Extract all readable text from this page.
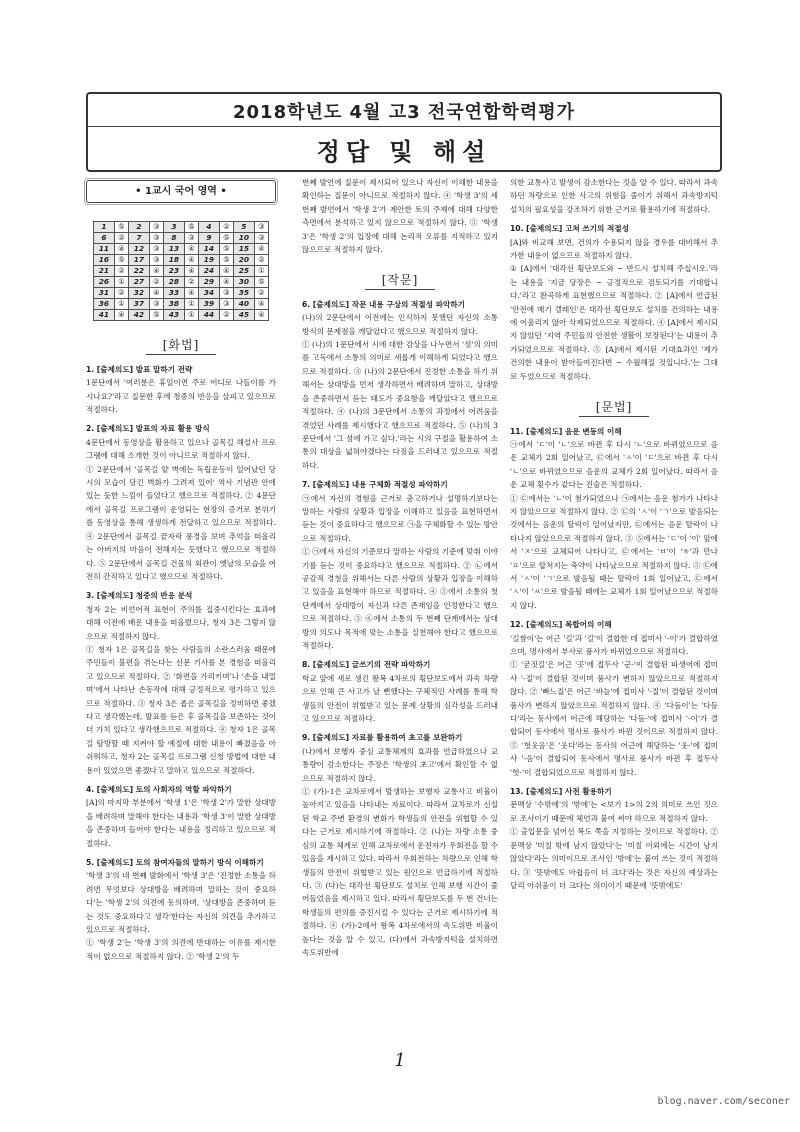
2018학년도 4월 고3 전국연합학력평가
정답 및 해설
• 1교시 국어 영역 •
1	⑤	2	③	3	⑤	4	②	5	③
6	②	7	③	8	③	9	⑤	10	③
11	④	12	③	13	④	14	⑤	15	④
16	⑤	17	③	18	④	19	⑤	20	②
21	②	22	④	23	④	24	④	25	①
26	①	27	②	28	②	29	④	30	⑤
31	②	32	④	33	④	34	③	35	②
36	①	37	③	38	①	39	③	40	④
41	④	42	⑤	43	①	44	②	45	④
[화법]
1. [출제의도] 발표 말하기 전략
1문단에서 '여러분은 휴일이면 주로 어디로 나들이를 가시나요?'라고 질문한 후에 청중의 반응을 살피고 있으므로 적절하다.
2. [출제의도] 발표의 자료 활용 방식
4문단에서 동영상을 활용하고 있으나 골목길 해설사 프로그램에 대해 소개한 것이 아니므로 적절하지 않다.
① 2문단에서 '골목길 얕 벽에는 독립운동이 일어났던 당시의 모습이 담긴 벽화가 그려져 있어' 역사 기념관 안에 있는 듯한 느낌이 들었다고 했으므로 적절하다. ② 4문단에서 골목길 프로그램이 운영되는 현장의 증거로 분위기를 동영상을 통해 생생하게 전달하고 있으므로 적절하다. ④ 2문단에서 골목길 끝자락 풍경을 보며 추억을 떠올리는 아버지의 마음이 전해지는 듯했다고 했으므로 적절하다. ⑤ 2문단에서 골목길 건물의 외관이 옛날의 모습을 여전히 간직하고 있다고 했으므로 적절하다.
3. [출제의도] 청중의 반응 분석
청자 2는 비언어적 표현이 주의를 집중시킨다는 효과에 대해 이전에 배운 내용을 떠올렸으나, 청자 3은 그렇지 않으므로 적절하지 않다.
① 청자 1은 골목길을 찾는 사람들의 소란스러움 때문에 주민들이 불편을 겪는다는 신문 기사를 본 경험을 떠올리고 있으므로 적절하다. ② '화면을 가리키며'나 '손을 내밀며'에서 나타난 손동작에 대해 긍정적으로 평가하고 있으므로 적절하다. ③ 청자 3은 좁은 골목길을 정비하면 좋겠다고 생각했는데, 발표를 듣은 후 골목길을 보존하는 것이 더 가치 있다고 생각했으므로 적절하다. ④ 청자 1은 골목길 탐방할 때 지켜야 할 예절에 대한 내용이 빠졌음을 아쉬워하고, 청자 2는 골목길 프로그램 신청 방법에 대한 내용이 있었으면 좋겠다고 말하고 있으므로 적절하다.
4. [출제의도] 토의 사회자의 역할 파악하기
[A]의 마지막 부분에서 '학생 1'은 '학생 2'가 말한 상대방을 배려하며 말해야 한다는 내용과 '학생 3'이 말한 상대방을 존중하며 들어야 한다는 내용을 정리하고 있으므로 적절하다.
5. [출제의도] 토의 참여자들의 말하기 방식 이해하기
'학생 3'의 네 번째 발화에서 '학생 3'은 '진정한 소통을 하려면 무엇보다 상대방을 배려하며 말하는 것이 중요하다'는 '학생 2'의 의견에 동의하며, '상대방을 존중하며 듣는 것도 중요하다고 생각'한다는 자신의 의견을 추가하고 있으므로 적절하다.
① '학생 2'는 '학생 3'의 의견에 반대하는 이유를 제시한 적이 없으므로 적절하지 않다. ② '학생 2'의 두
번째 발언에 질문이 제시되어 있으나 자신이 이해한 내용을 확인하는 질문이 아니므로 적절하지 않다. ④ '학생 3'의 세 번째 발언에서 '학생 2'가 제안한 토의 주제에 대해 다양한 측면에서 분석하고 있지 않으므로 적절하지 않다. ⑤ '학생 3'은 '학생 2'의 입장에 대해 논리적 오류를 지적하고 있지 않으므로 적절하지 않다.
[작문]
6. [출제의도] 작문 내용 구상의 적절성 파악하기
(나)의 2문단에서 이전에는 인식하지 못했던 자신의 소통 방식의 문제점을 깨달았다고 했으므로 적절하지 않다.
① (나)의 1문단에서 시에 대한 감상을 나누면서 '섬'의 의미를 고독에서 소통의 의미로 새롭게 이해하게 되었다고 했으므로 적절하다. ③ (나)의 2문단에서 진정한 소통을 하기 위해서는 상대방을 먼저 생각하면서 배려하며 말하고, 상대방을 존중하면서 듣는 태도가 중요함을 깨달았다고 했으므로 적절하다. ④ (나)의 3문단에서 소통의 과정에서 어려움을 겪었던 사례를 제시했다고 했으므로 적절하다. ⑤ (나)의 3문단에서 '그 섬에 가고 싶다.'라는 시의 구절을 활용하여 소통의 대상을 넓혀야겠다는 다짐을 드러내고 있으므로 적절하다.
7. [출제의도] 내용 구체화 적절성 파악하기
㉠에서 자신의 경험을 근거로 충고하거나 설명하기보다는 말하는 사람의 상황과 입장을 이해하고 있음을 표현하면서 듣는 것이 중요하다고 했으므로 ㉠을 구체화할 수 있는 방안으로 적절하다.
① ㉠에서 자신의 기준보다 말하는 사람의 기준에 맞춰 이야기를 듣는 것이 중요하다고 했으므로 적절하다. ② ㉡에서 공감적 경청을 위해서는 다른 사람의 상황과 입장을 이해하고 있음을 표현해야 하므로 적절하다. ④ ⑤에서 소통의 첫 단계에서 상대방이 자신과 다른 존재임을 인정한다고 했으므로 적절하다. ⑤ ⑥에서 소통의 두 번째 단계에서는 상대방의 의도나 목적에 맞는 소통을 실천해야 한다고 했으므로 적절하다.
8. [출제의도] 글쓰기의 전략 파악하기
학교 앞에 새로 생긴 왕복 4차로의 횡단보도에서 과속 차량으로 인해 큰 사고가 날 뻔했다는 구체적인 사례를 통해 학생들의 안전이 위협받고 있는 문제 상황의 심각성을 드러내고 있으므로 적절하다.
9. [출제의도] 자료를 활용하여 초고를 보완하기
(나)에서 보행자 중심 교통체계의 효과를 언급하였으나 교통량이 감소한다는 주장은 '학생의 초고'에서 확인할 수 없으므로 적절하지 않다.
① (가)-1은 교차로에서 발생하는 보행자 교통사고 비율이 높아지고 있음을 나타내는 자료이다. 따라서 교차로가 신설된 학교 주변 환경의 변화가 학생들의 안전을 위협할 수 있다는 근거로 제시하기에 적절하다. ② (나)는 차량 소통 중심의 교통 체계로 인해 교차로에서 운전자가 우회전을 할 수 있음을 제시하고 있다. 따라서 우회전하는 차량으로 인해 학생들의 안전이 위협받고 있는 원인으로 언급하기에 적절하다. ③ (다)는 대각선 횡단보도 설치로 인해 보행 시간이 줄어들었음을 제시하고 있다. 따라서 횡단보도를 두 번 건너는 학생들의 편의를 증진시킬 수 있다는 근거로 제시하기에 적절하다. ④ (가)-2에서 왕복 4차로에서의 속도위반 비율이 높다는 것을 알 수 있고, (다)에서 과속방지턱을 설치하면 속도위반에
의한 교통사고 발생이 감소한다는 것을 알 수 있다. 따라서 과속하던 차량으로 인한 사고의 위험을 줄이기 위해서 과속방지턱 설치의 필요성을 강조하기 위한 근거로 활용하기에 적절하다.
10. [출제의도] 고쳐 쓰기의 적절성
[A]와 비교해 보면, 건의가 수용되지 않을 경우를 대비해서 추가한 내용이 없으므로 적절하지 않다.
① [A]에서 '대각선 횡단보도와 ~ 반드시 설치해 주십시오.'라는 내용을 '지금 당장은 ~ 긍정적으로 검토되기를 기대합니다.'라고 완곡하게 표현했으므로 적절하다. ② [A]에서 언급된 '안전에 매기 갤레인'은 대각선 횡단보도 설치를 건의하는 내용에 어울리지 않아 삭제되었으므로 적절하다. ④ [A]에서 제시되지 않았던 '지역 주민들의 안전한 생활이 보장된다'는 내용이 추가되었으므로 적절하다. ⑤ [A]에서 제시된 기대효과인 '제가 건의한 내용이 받아들여진다면 ~ 수월해질 것입니다.'는 그대로 두었으므로 적절하다.
[문법]
11. [출제의도] 음운 변동의 이해
㉠에서 'ㄷ'이 'ㄴ'으로 바뀐 후 다시 'ㄴ'으로 바뀌었으므로 음운 교체가 2회 일어났고, ㉢에서 'ㅅ'이 'ㄷ'으로 바뀐 후 다시 'ㄴ'으로 바뀌었으므로 음운의 교체가 2회 일어났다. 따라서 음운 교체 횟수가 같다는 진술은 적절하다.
① ㉢에서는 'ㄴ'이 첨가되었으나 ㉠에서는 음운 첨가가 나타나지 않았으므로 적절하지 않다. ② ㉢의 'ㅅ'이 'ㄱ'으로 발음되는 것에서는 음운의 탈락이 일어났지만, ㉢에서는 음운 탈락이 나타나지 않았으므로 적절하지 않다. ③ ⑤에서는 'ㄷ'이 '이' 앞에서 'ㅈ'으로 교체되어 나타나고, ㉢에서는 'ㅂ'이 'ㅎ'과 만나 'ㅍ'으로 합쳐지는 축약이 나타났으므로 적절하지 않다. ⑤ ㉢에서 'ㅅ'이 'ㄱ'으로 발음될 때는 탈락이 1회 일어났고, ㉢에서 'ㅅ'이 'ㅆ'으로 발음될 때에는 교체가 1회 일어났으므로 적절하지 않다.
12. [출제의도] 복합어의 이해
'길쌈이'는 어근 '길'과 '길'이 결합한 데 접미사 '-이'가 결합하였으며, 명사에서 부사로 품사가 바뀌었으므로 적절하다.
① '굳짓길'은 어근 '곳'에 접두사 '군-'이 결합된 파생어에 접미사 '-질'이 결합된 것이며 품사가 변하지 않았으므로 적절하지 않다. ② '빠느질'은 어근 '바늘'에 접미사 '-질'이 결합된 것이며 품사가 변하지 않았으므로 적절하지 않다. ④ '다듬이'는 '다듬다'라는 동사에서 어근에 해당하는 '다듬-'에 접미사 '-이'가 결합되어 동사에서 명사로 품사가 바뀐 것이므로 적절하지 않다. ⑤ '헛웃음'은 '웃다'라는 동사의 어근에 해당하는 '웃-'에 접미사 '-음'이 결합되어 동사에서 명사로 품사가 바뀐 후 접두사 '헛-'이 결합되었으므로 적절하지 않다.
13. [출제의도] 사전 활용하기
문맥상 '수밖에'의 '밖에'는 <보기 1>의 2의 의미로 쓰인 것으로 조사이기 때문에 체언과 붙여 써야 하므로 적절하지 않다.
① 출입문을 넘어선 복도 쪽을 지정하는 것이므로 적절하다. ② 문맥상 '미칠 밖에 남지 않았다'는 '미칠 이외에는 시간이 남지 않았다'라는 의미이므로 조사인 '밖에'는 붙여 쓰는 것이 적절하다. ③ '뜻밖에도 아쉽음이 더 크다'라는 것은 자신의 예상과는 달리 아쉬움이 더 크다는 의미이기 때문에 '뜻밖에도'
1
blog.naver.com/seconer
